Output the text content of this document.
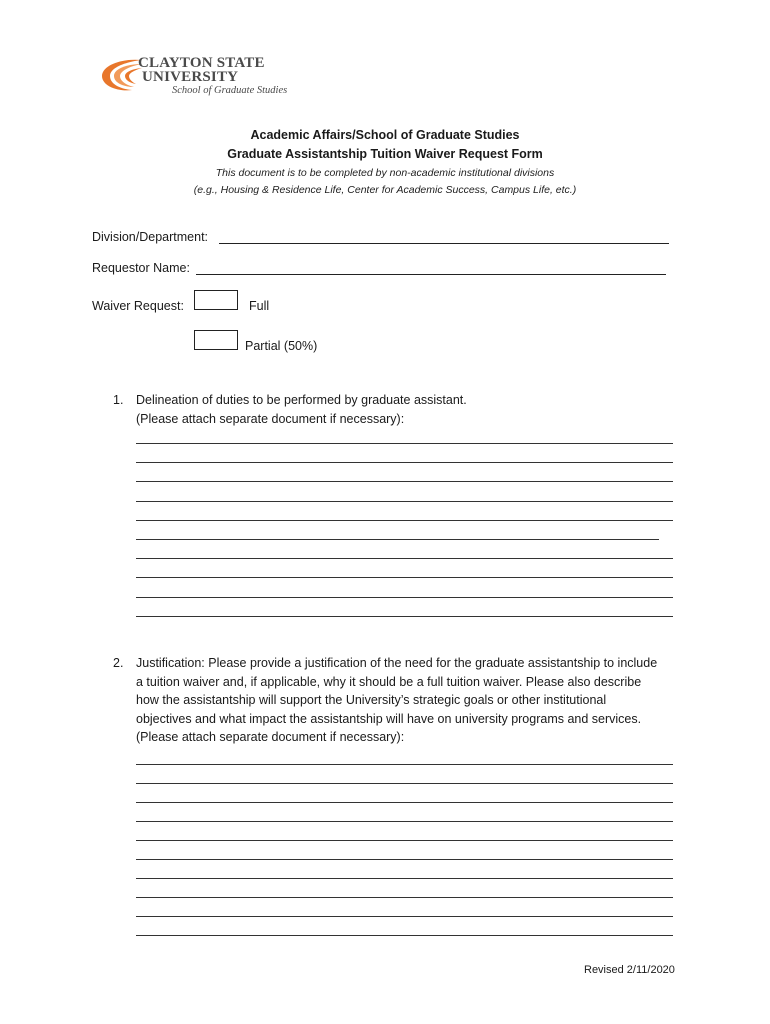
CLAYTON STATE
UNIVERSITY
School of Graduate Studies
Academic Affairs/School of Graduate Studies
Graduate Assistantship Tuition Waiver Request Form
This document is to be completed by non-academic institutional divisions
(e.g., Housing & Residence Life, Center for Academic Success, Campus Life, etc.)
Division/Department:
Requestor Name:
Waiver Request:	Full
Partial (50%)
1. Delineation of duties to be performed by graduate assistant.
(Please attach separate document if necessary):
2. Justification: Please provide a justification of the need for the graduate assistantship to include
a tuition waiver and, if applicable, why it should be a full tuition waiver. Please also describe
how the assistantship will support the University’s strategic goals or other institutional
objectives and what impact the assistantship will have on university programs and services.
(Please attach separate document if necessary):
Revised 2/11/2020
